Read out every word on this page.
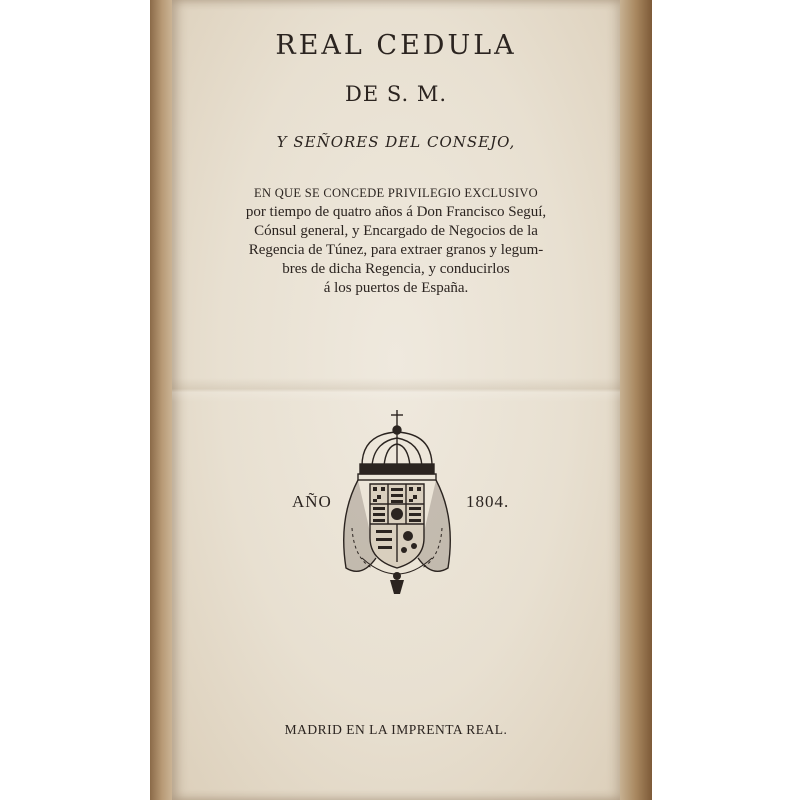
REAL CEDULA
DE S. M.
Y SEÑORES DEL CONSEJO,
EN QUE SE CONCEDE PRIVILEGIO EXCLUSIVO
por tiempo de quatro años á Don Francisco Seguí,
Cónsul general, y Encargado de Negocios de la
Regencia de Túnez, para extraer granos y legum-
bres de dicha Regencia, y conducirlos
á los puertos de España.
AÑO	1804.
MADRID EN LA IMPRENTA REAL.
